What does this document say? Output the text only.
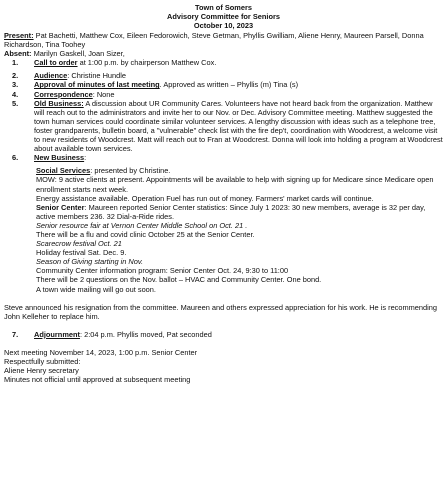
Town of Somers
Advisory Committee for Seniors
October 10, 2023
Present: Pat Bachetti, Matthew Cox, Eileen Fedorowich, Steve Getman, Phyllis Gwilliam, Aliene Henry, Maureen Parsell, Donna Richardson, Tina Toohey
Absent: Marilyn Gaskell, Joan Sizer,
1. Call to order at 1:00 p.m. by chairperson Matthew Cox.
2. Audience: Christine Hundle
3. Approval of minutes of last meeting. Approved as written – Phyllis (m) Tina (s)
4. Correspondence: None
5. Old Business: A discussion about UR Community Cares. Volunteers have not heard back from the organization. Matthew will reach out to the administrators and invite her to our Nov. or Dec. Advisory Committee meeting. Matthew suggested the town human services could coordinate similar volunteer services. A lengthy discussion with ideas such as a telephone tree, foster grandparents, bulletin board, a "vulnerable" check list with the fire dep't, coordination with Woodcrest, a welcome visit to new residents of Woodcrest. Matt will reach out to Fran at Woodcrest. Donna will look into holding a program at Woodcrest about available town services.
6. New Business:
Social Services: presented by Christine.
MOW: 9 active clients at present. Appointments will be available to help with signing up for Medicare since Medicare open enrollment starts next week.
Energy assistance available. Operation Fuel has run out of money. Farmers' market cards will continue.
Senior Center: Maureen reported Senior Center statistics: Since July 1 2023: 30 new members, average is 32 per day, active members 236. 32 Dial-a-Ride rides.
Senior resource fair at Vernon Center Middle School on Oct. 21 .
There will be a flu and covid clinic October 25 at the Senior Center.
Scarecrow festival Oct. 21
Holiday festival Sat. Dec. 9.
Season of Giving starting in Nov.
Community Center information program: Senior Center Oct. 24, 9:30 to 11:00
There will be 2 questions on the Nov. ballot – HVAC and Community Center. One bond.
A town wide mailing will go out soon.
Steve announced his resignation from the committee. Maureen and others expressed appreciation for his work. He is recommending John Kelleher to replace him.
7. Adjournment: 2:04 p.m. Phyllis moved, Pat seconded
Next meeting November 14, 2023, 1:00 p.m. Senior Center
Respectfully submitted:
Aliene Henry secretary
Minutes not official until approved at subsequent meeting
